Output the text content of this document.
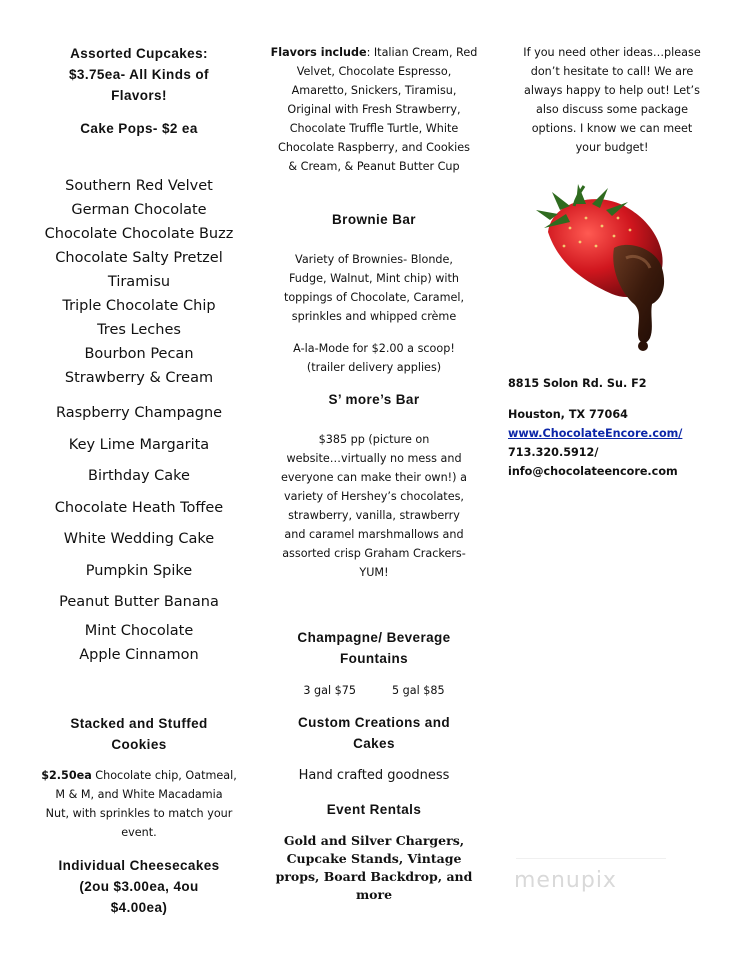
Assorted Cupcakes:
$3.75ea- All Kinds of
Flavors!
Cake Pops- $2 ea
Southern Red Velvet
German Chocolate
Chocolate Chocolate Buzz
Chocolate Salty Pretzel
Tiramisu
Triple Chocolate Chip
Tres Leches
Bourbon Pecan
Strawberry & Cream
Raspberry Champagne
Key Lime Margarita
Birthday Cake
Chocolate Heath Toffee
White Wedding Cake
Pumpkin Spike
Peanut Butter Banana
Mint Chocolate
Apple Cinnamon
Stacked and Stuffed
Cookies
$2.50ea Chocolate chip, Oatmeal,
M & M, and White Macadamia
Nut, with sprinkles to match your
event.
Individual Cheesecakes
(2ou $3.00ea, 4ou
$4.00ea)
Flavors include: Italian Cream, Red
Velvet, Chocolate Espresso,
Amaretto, Snickers, Tiramisu,
Original with Fresh Strawberry,
Chocolate Truffle Turtle, White
Chocolate Raspberry, and Cookies
& Cream, & Peanut Butter Cup
Brownie Bar
Variety of Brownies- Blonde,
Fudge, Walnut, Mint chip) with
toppings of Chocolate, Caramel,
sprinkles and whipped crème
A-la-Mode for $2.00 a scoop!
(trailer delivery applies)
S’ more’s Bar
$385 pp (picture on
website…virtually no mess and
everyone can make their own!) a
variety of Hershey’s chocolates,
strawberry, vanilla, strawberry
and caramel marshmallows and
assorted crisp Graham Crackers-
YUM!
Champagne/ Beverage
Fountains
3 gal $75	5 gal $85
Custom Creations and
Cakes
Hand crafted goodness
Event Rentals
Gold and Silver Chargers,
Cupcake Stands, Vintage
props, Board Backdrop, and
more
If you need other ideas…please
don’t hesitate to call! We are
always happy to help out! Let’s
also discuss some package
options. I know we can meet
your budget!
8815 Solon Rd. Su. F2
Houston, TX 77064
www.ChocolateEncore.com/
713.320.5912/
info@chocolateencore.com
menupix
